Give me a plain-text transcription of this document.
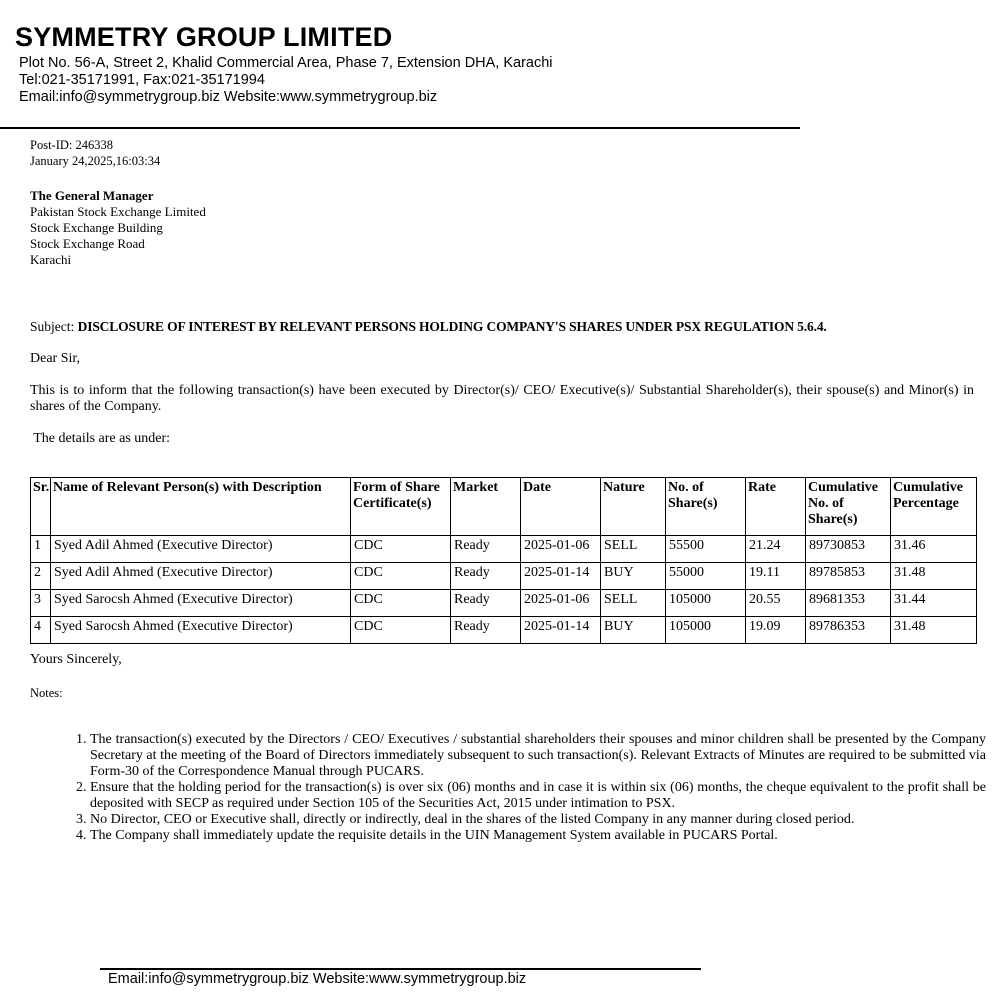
SYMMETRY GROUP LIMITED
Plot No. 56-A, Street 2, Khalid Commercial Area, Phase 7, Extension DHA, Karachi
Tel:021-35171991, Fax:021-35171994
Email:info@symmetrygroup.biz Website:www.symmetrygroup.biz
Post-ID: 246338
January 24,2025,16:03:34
The General Manager
Pakistan Stock Exchange Limited
Stock Exchange Building
Stock Exchange Road
Karachi
Subject: DISCLOSURE OF INTEREST BY RELEVANT PERSONS HOLDING COMPANY'S SHARES UNDER PSX REGULATION 5.6.4.
Dear Sir,
This is to inform that the following transaction(s) have been executed by Director(s)/ CEO/ Executive(s)/ Substantial Shareholder(s), their spouse(s) and Minor(s) in shares of the Company.
The details are as under:
Sr.	Name of Relevant Person(s) with Description	Form of Share Certificate(s)	Market	Date	Nature	No. of Share(s)	Rate	Cumulative No. of Share(s)	Cumulative Percentage
1	Syed Adil Ahmed (Executive Director)	CDC	Ready	2025-01-06	SELL	55500	21.24	89730853	31.46
2	Syed Adil Ahmed (Executive Director)	CDC	Ready	2025-01-14	BUY	55000	19.11	89785853	31.48
3	Syed Sarocsh Ahmed (Executive Director)	CDC	Ready	2025-01-06	SELL	105000	20.55	89681353	31.44
4	Syed Sarocsh Ahmed (Executive Director)	CDC	Ready	2025-01-14	BUY	105000	19.09	89786353	31.48
Yours Sincerely,
Notes:
1. The transaction(s) executed by the Directors / CEO/ Executives / substantial shareholders their spouses and minor children shall be presented by the Company Secretary at the meeting of the Board of Directors immediately subsequent to such transaction(s). Relevant Extracts of Minutes are required to be submitted via Form-30 of the Correspondence Manual through PUCARS.
2. Ensure that the holding period for the transaction(s) is over six (06) months and in case it is within six (06) months, the cheque equivalent to the profit shall be deposited with SECP as required under Section 105 of the Securities Act, 2015 under intimation to PSX.
3. No Director, CEO or Executive shall, directly or indirectly, deal in the shares of the listed Company in any manner during closed period.
4. The Company shall immediately update the requisite details in the UIN Management System available in PUCARS Portal.
Email:info@symmetrygroup.biz Website:www.symmetrygroup.biz
